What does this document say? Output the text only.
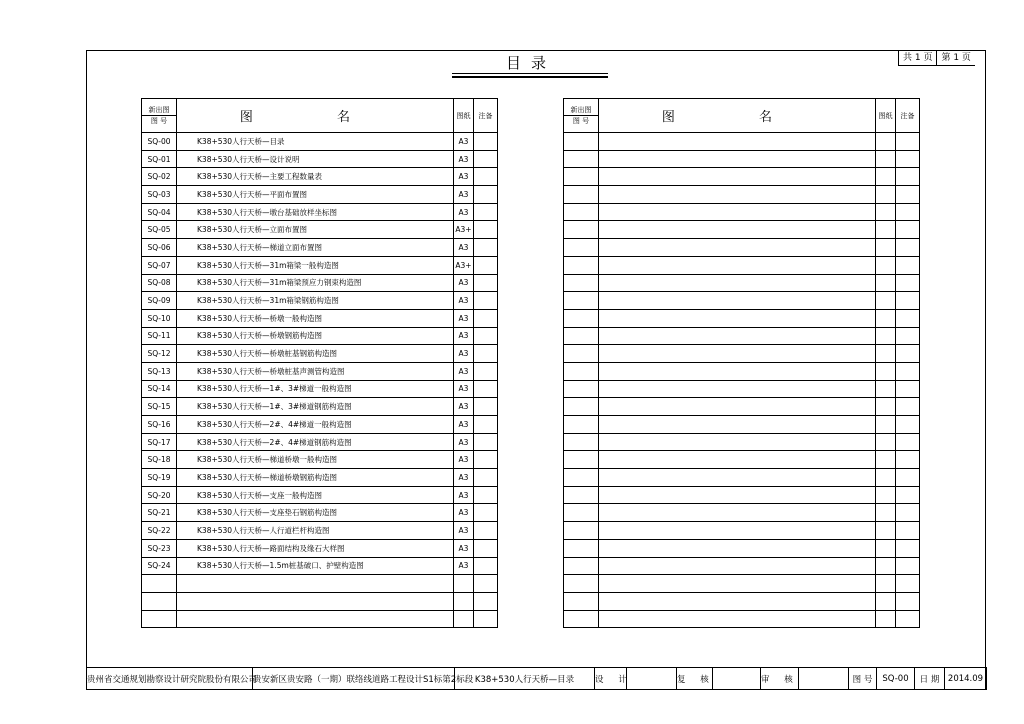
目录	共 1 页	第 1 页
新出图
图 号	图 名	图纸	注备
SQ-00	K38+530人行天桥—目录	A3	
SQ-01	K38+530人行天桥—设计说明	A3	
SQ-02	K38+530人行天桥—主要工程数量表	A3	
SQ-03	K38+530人行天桥—平面布置图	A3	
SQ-04	K38+530人行天桥—墩台基础放样坐标图	A3	
SQ-05	K38+530人行天桥—立面布置图	A3+	
SQ-06	K38+530人行天桥—梯道立面布置图	A3	
SQ-07	K38+530人行天桥—31m箱梁一般构造图	A3+	
SQ-08	K38+530人行天桥—31m箱梁预应力钢束构造图	A3	
SQ-09	K38+530人行天桥—31m箱梁钢筋构造图	A3	
SQ-10	K38+530人行天桥—桥墩一般构造图	A3	
SQ-11	K38+530人行天桥—桥墩钢筋构造图	A3	
SQ-12	K38+530人行天桥—桥墩桩基钢筋构造图	A3	
SQ-13	K38+530人行天桥—桥墩桩基声测管构造图	A3	
SQ-14	K38+530人行天桥—1#、3#梯道一般构造图	A3	
SQ-15	K38+530人行天桥—1#、3#梯道钢筋构造图	A3	
SQ-16	K38+530人行天桥—2#、4#梯道一般构造图	A3	
SQ-17	K38+530人行天桥—2#、4#梯道钢筋构造图	A3	
SQ-18	K38+530人行天桥—梯道桥墩一般构造图	A3	
SQ-19	K38+530人行天桥—梯道桥墩钢筋构造图	A3	
SQ-20	K38+530人行天桥—支座一般构造图	A3	
SQ-21	K38+530人行天桥—支座垫石钢筋构造图	A3	
SQ-22	K38+530人行天桥—人行道栏杆构造图	A3	
SQ-23	K38+530人行天桥—路面结构及缘石大样图	A3	
SQ-24	K38+530人行天桥—1.5m桩基破口、护壁构造图	A3	

新出图
图 号	图 名	图纸	注备

贵州省交通规划勘察设计研究院股份有限公司	贵安新区贵安路（一期）联络线道路工程设计S1标第2标段	K38+530人行天桥—目录	设 计		复 核		审 核		图 号	SQ-00	日 期	2014.09
